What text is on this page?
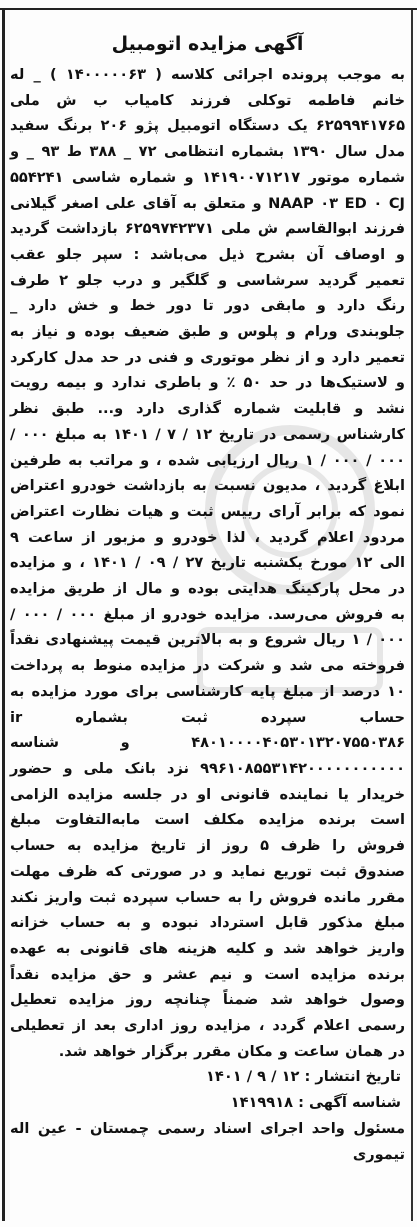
آگهی مزایده اتومبیل

به موجب پرونده اجرائی کلاسه ( ۱۴۰۰۰۰۰۶۳ ) _ له خانم فاطمه توکلی فرزند کامیاب ب ش ملی ۶۲۵۹۹۴۱۷۶۵ یک دستگاه اتومبیل پژو ۲۰۶ برنگ سفید مدل سال ۱۳۹۰ بشماره انتظامی ۷۲ _ ۳۸۸ ط ۹۳ _ و شماره موتور ۱۴۱۹۰۰۷۱۲۱۷ و شماره شاسی ۵۵۴۲۴۱ NAAP ۰۳ ED ۰ CJ و متعلق به آقای علی اصغر گیلانی فرزند ابوالقاسم ش ملی ۶۲۵۹۷۴۲۳۷۱ بازداشت گردید و اوصاف آن بشرح ذیل می‌باشد : سپر جلو عقب تعمیر گردید سرشاسی و گلگیر و درب جلو ۲ طرف رنگ دارد و مابقی دور تا دور خط و خش دارد _ جلوبندی ورام و پلوس و طبق ضعیف بوده و نیاز به تعمیر دارد و از نظر موتوری و فنی در حد مدل کارکرد و لاستیک‌ها در حد ۵۰ ٪ و باطری ندارد و بیمه رویت نشد و قابلیت شماره گذاری دارد و... طبق نظر کارشناس رسمی در تاریخ ۱۲ / ۷ / ۱۴۰۱ به مبلغ ۰۰۰ / ۰۰۰ / ۰۰۰ / ۱ ریال ارزیابی شده ، و مراتب به طرفین ابلاغ گردید ، مدیون نسبت به بازداشت خودرو اعتراض نمود که برابر آرای رییس ثبت و هیات نظارت اعتراض مردود اعلام گردید ، لذا خودرو و مزبور از ساعت ۹ الی ۱۲ مورخ یکشنبه تاریخ ۲۷ / ۰۹ / ۱۴۰۱ ، و مزایده در محل پارکینگ هدایتی بوده و مال از طریق مزایده به فروش می‌رسد. مزایده خودرو از مبلغ ۰۰۰ / ۰۰۰ / ۰۰۰ / ۱ ریال شروع و به بالاترین قیمت پیشنهادی نقداً فروخته می شد و شرکت در مزایده منوط به پرداخت ۱۰ درصد از مبلغ پایه کارشناسی برای مورد مزایده به حساب سپرده ثبت بشماره ir ۴۸۰۱۰۰۰۰۴۰۵۳۰۱۳۲۰۷۵۵۰۳۸۶ و شناسه ۹۹۶۱۰۸۵۵۳۱۴۲۰۰۰۰۰۰۰۰۰۰۰ نزد بانک ملی و حضور خریدار یا نماینده قانونی او در جلسه مزایده الزامی است برنده مزایده مکلف است مابه‌التفاوت مبلغ فروش را ظرف ۵ روز از تاریخ مزایده به حساب صندوق ثبت توریع نماید و در صورتی که ظرف مهلت مقرر مانده فروش را به حساب سپرده ثبت واریز نکند مبلغ مذکور قابل استرداد نبوده و به حساب خزانه واریز خواهد شد و کلیه هزینه های قانونی به عهده برنده مزایده است و نیم عشر و حق مزایده نقداً وصول خواهد شد ضمناً چنانچه روز مزایده تعطیل رسمی اعلام گردد ، مزایده روز اداری بعد از تعطیلی در همان ساعت و مکان مقرر برگزار خواهد شد.

تاریخ انتشار : ۱۲ / ۹ / ۱۴۰۱
شناسه آگهی : ۱۴۱۹۹۱۸

مسئول واحد اجرای اسناد رسمی چمستان - عین اله تیموری
